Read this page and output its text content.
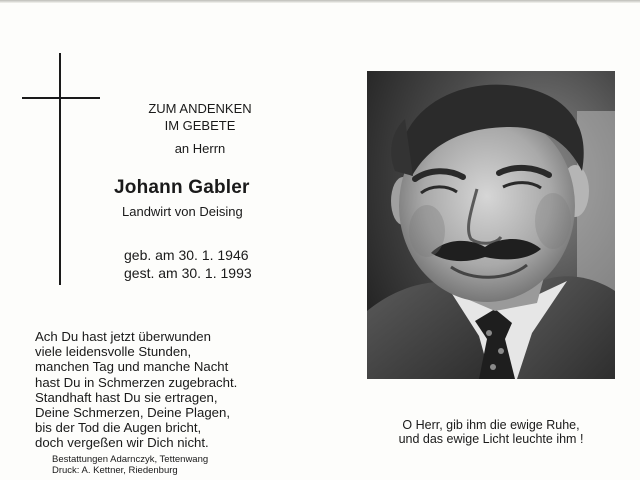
ZUM ANDENKEN
IM GEBETE
an Herrn
Johann Gabler
Landwirt von Deising
geb. am 30. 1. 1946
gest. am 30. 1. 1993
Ach Du hast jetzt überwunden
viele leidensvolle Stunden,
manchen Tag und manche Nacht
hast Du in Schmerzen zugebracht.
Standhaft hast Du sie ertragen,
Deine Schmerzen, Deine Plagen,
bis der Tod die Augen bricht,
doch vergeßen wir Dich nicht.
Bestattungen Adarnczyk, Tettenwang
Druck: A. Kettner, Riedenburg
O Herr, gib ihm die ewige Ruhe,
und das ewige Licht leuchte ihm !
